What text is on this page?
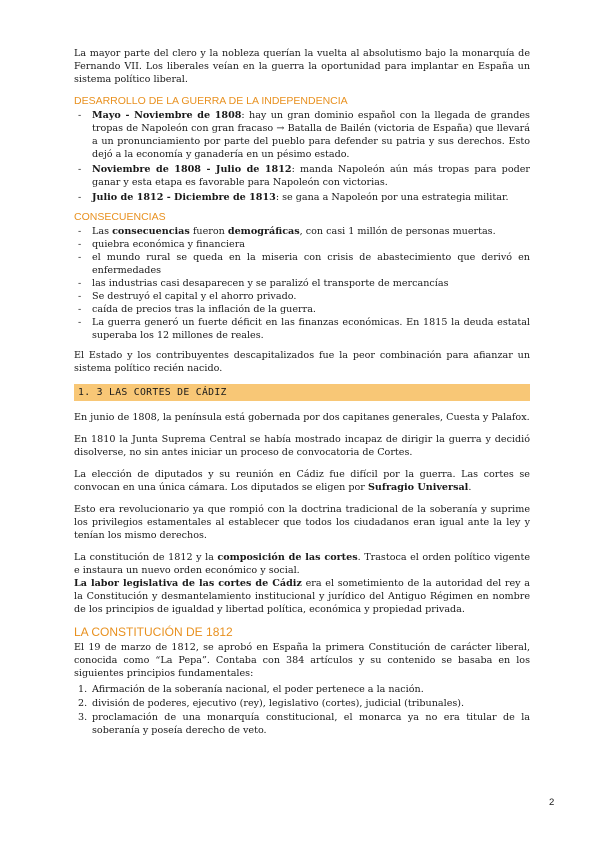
La mayor parte del clero y la nobleza querían la vuelta al absolutismo bajo la monarquía de Fernando VII. Los liberales veían en la guerra la oportunidad para implantar en España un sistema político liberal.

DESARROLLO DE LA GUERRA DE LA INDEPENDENCIA
- Mayo - Noviembre de 1808: hay un gran dominio español con la llegada de grandes tropas de Napoleón con gran fracaso → Batalla de Bailén (victoria de España) que llevará a un pronunciamiento por parte del pueblo para defender su patria y sus derechos. Esto dejó a la economía y ganadería en un pésimo estado.
- Noviembre de 1808 - Julio de 1812: manda Napoleón aún más tropas para poder ganar y esta etapa es favorable para Napoleón con victorias.
- Julio de 1812 - Diciembre de 1813: se gana a Napoleón por una estrategia militar.
CONSECUENCIAS
- Las consecuencias fueron demográficas, con casi 1 millón de personas muertas.
- quiebra económica y financiera
- el mundo rural se queda en la miseria con crisis de abastecimiento que derivó en enfermedades
- las industrias casi desaparecen y se paralizó el transporte de mercancías
- Se destruyó el capital y el ahorro privado.
- caída de precios tras la inflación de la guerra.
- La guerra generó un fuerte déficit en las finanzas económicas. En 1815 la deuda estatal superaba los 12 millones de reales.

El Estado y los contribuyentes descapitalizados fue la peor combinación para afianzar un sistema político recién nacido.

1. 3 LAS CORTES DE CÁDIZ

En junio de 1808, la península está gobernada por dos capitanes generales, Cuesta y Palafox.

En 1810 la Junta Suprema Central se había mostrado incapaz de dirigir la guerra y decidió disolverse, no sin antes iniciar un proceso de convocatoria de Cortes.

La elección de diputados y su reunión en Cádiz fue difícil por la guerra. Las cortes se convocan en una única cámara. Los diputados se eligen por Sufragio Universal.

Esto era revolucionario ya que rompió con la doctrina tradicional de la soberanía y suprime los privilegios estamentales al establecer que todos los ciudadanos eran igual ante la ley y tenían los mismo derechos.

La constitución de 1812 y la composición de las cortes. Trastoca el orden político vigente e instaura un nuevo orden económico y social.

La labor legislativa de las cortes de Cádiz era el sometimiento de la autoridad del rey a la Constitución y desmantelamiento institucional y jurídico del Antiguo Régimen en nombre de los principios de igualdad y libertad política, económica y propiedad privada.

LA CONSTITUCIÓN DE 1812

El 19 de marzo de 1812, se aprobó en España la primera Constitución de carácter liberal, conocida como “La Pepa”. Contaba con 384 artículos y su contenido se basaba en los siguientes principios fundamentales:

1. Afirmación de la soberanía nacional, el poder pertenece a la nación.
2. división de poderes, ejecutivo (rey), legislativo (cortes), judicial (tribunales).
3. proclamación de una monarquía constitucional, el monarca ya no era titular de la soberanía y poseía derecho de veto.
2
